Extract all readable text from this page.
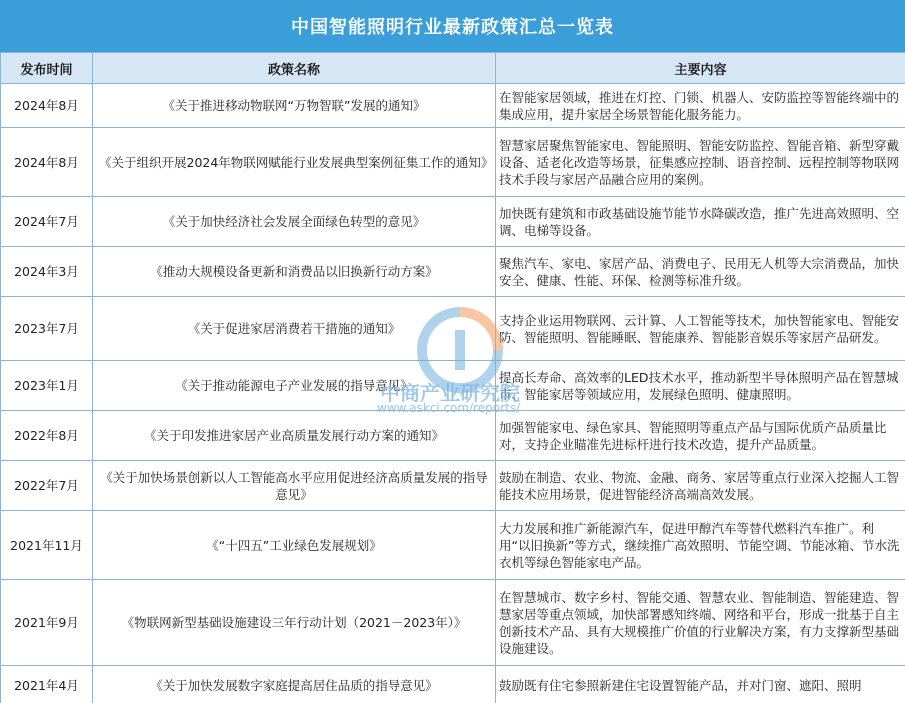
中国智能照明行业最新政策汇总一览表
发布时间	政策名称	主要内容
2024年8月	《关于推进移动物联网“万物智联”发展的通知》	在智能家居领域，推进在灯控、门锁、机器人、安防监控等智能终端中的集成应用，提升家居全场景智能化服务能力。
2024年8月	《关于组织开展2024年物联网赋能行业发展典型案例征集工作的通知》	智慧家居聚焦智能家电、智能照明、智能安防监控、智能音箱、新型穿戴设备、适老化改造等场景，征集感应控制、语音控制、远程控制等物联网技术手段与家居产品融合应用的案例。
2024年7月	《关于加快经济社会发展全面绿色转型的意见》	加快既有建筑和市政基础设施节能节水降碳改造，推广先进高效照明、空调、电梯等设备。
2024年3月	《推动大规模设备更新和消费品以旧换新行动方案》	聚焦汽车、家电、家居产品、消费电子、民用无人机等大宗消费品，加快安全、健康、性能、环保、检测等标准升级。
2023年7月	《关于促进家居消费若干措施的通知》	支持企业运用物联网、云计算、人工智能等技术，加快智能家电、智能安防、智能照明、智能睡眠、智能康养、智能影音娱乐等家居产品研发。
2023年1月	《关于推动能源电子产业发展的指导意见》	提高长寿命、高效率的LED技术水平，推动新型半导体照明产品在智慧城市、智能家居等领域应用，发展绿色照明、健康照明。
2022年8月	《关于印发推进家居产业高质量发展行动方案的通知》	加强智能家电、绿色家具、智能照明等重点产品与国际优质产品质量比对，支持企业瞄准先进标杆进行技术改造，提升产品质量。
2022年7月	《关于加快场景创新以人工智能高水平应用促进经济高质量发展的指导意见》	鼓励在制造、农业、物流、金融、商务、家居等重点行业深入挖掘人工智能技术应用场景，促进智能经济高端高效发展。
2021年11月	《“十四五”工业绿色发展规划》	大力发展和推广新能源汽车，促进甲醇汽车等替代燃料汽车推广。利用“以旧换新”等方式，继续推广高效照明、节能空调、节能冰箱、节水洗衣机等绿色智能家电产品。
2021年9月	《物联网新型基础设施建设三年行动计划（2021－2023年）》	在智慧城市、数字乡村、智能交通、智慧农业、智能制造、智能建造、智慧家居等重点领域，加快部署感知终端、网络和平台，形成一批基于自主创新技术产品、具有大规模推广价值的行业解决方案，有力支撑新型基础设施建设。
2021年4月	《关于加快发展数字家庭提高居住品质的指导意见》	鼓励既有住宅参照新建住宅设置智能产品，并对门窗、遮阳、照明
中商产业研究院
www.askci.com/reports/
